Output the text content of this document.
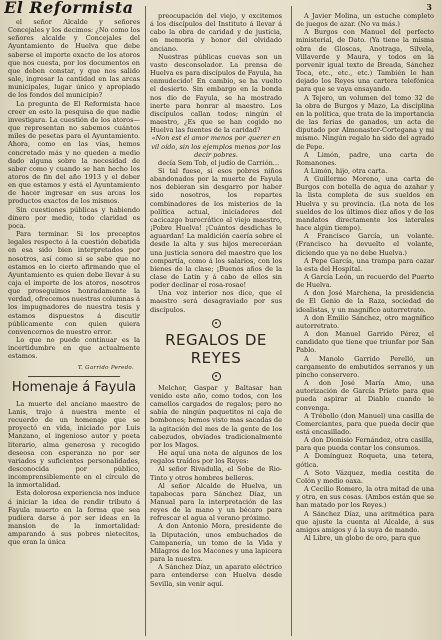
El Reformista	3

el señor Alcalde y señores Concejales y los decimos: ¿No como los señores alcalde y Concejales del Ayuntamiento de Huelva que debe saberse el importe exacto de los atoros que nos cuesta, por los documentos en que deben constar, y que nos salido sale, ingresar la cantidad en las arcas municipales, lugar único y apropiado de los fondos del municipio?

La pregunta de El Reformista hace creer en esto la pesquisa de que nadie investigara. La cuestión de los atoros—que representan no sabemos cuántos miles de pesetas para el Ayuntamiento. Ahora, como en las vías, hemos concretado más y no queden a medio dado alguna sobre la necesidad de saber como y cuando se han hecho los atoros de fin del año 1913 y el deber en que estamos y está el Ayuntamiento de hacer ingresar en sus arcas los productos exactos de los mismos.

Sin cuestiones públicas y habiendo dinero por medio, todo claridad es poca.

Para terminar. Si los preceptos legales respecto á la cuestión debatida en esa sido bien interpretados por nosotros, así como si se sabe que no estamos en lo cierto afirmando que el Ayuntamiento es quien debe llevar á su caja el importe de los atoros, nosotros que proseguimos honradamente la verdad, ofrecemos nuestras columnas á los impugnadores de nuestra tesis y estamos dispuestos á discutir públicamente con quien quiera convencernos de nuestro error.

Lo que no puede continuar es la incertidumbre en que actualmente estamos.

T. Garrido Peredo.
Homenaje á Fayula

La muerte del anciano maestro de Lanis, trajo á nuestra mente el recuerdo de un homenaje que se proyectó en vida, iniciado por Luis Manzano, el ingenioso autor y poeta literario, alma generosa y recogido deseosa con esperanza no por ser variados y suficientes personalidades, desconocida por público, incomprensiblemente en el círculo de la inmortalidad.

Esta dolorosa experiencia nos induce á iniciar la idea de rendir tributo á Fayula muerto en la forma que sea pudiera darse á por ser ideas en la mansion de la inmortalidad: amparando á sus pobres nietecitos, que eran la única

preocupación del viejo, y excitemos á los discípulos del Instituto á llevar á cabo la obra de caridad y de justicia, en memoria y honor del olvidado anciano.

Nuestras públicas cuevas son un vasto desconsolador. La prensa de Huelva es para discípulos de Fayula, ha enmudecido! En cambio, se ha vuelto el desierto. Sin embargo en la bonda nos dio de Fayula, se ha mostrado inerte para honrar al maestro. Los discípulos callan todos; ningún el maestro, ¿Es que se han cogido no Huelva las fuentes de la caridad?

«Non est el amor menos por querer en vil oído, sin los ejemplos menos por los decir pobres.

decía Sem Tob, el judío de Carrión...

Si tal fuese, si esos pobres niños abandonados por la muerte de Fayula nos debieran sin desgarro por haber sido nosotros, los repartes combinadores de los misterios de la política actual, iniciadores del cacicazgo burocrático al viejo maestro, ¡Pobre Huelva! ¡Cuántos desdichas le aguardan! La maldición caería sobre el desde la alta y sus hijos mereceráan una justicia sonora del maestro que los compartía, como á los salarios, con los bienes de la clase; ¡Buenos años de la clase de Latin y á cabo de ellos sin poder declinar el rosa-rosae!

Una voz interior nos dice, que el maestro será desagraviado por sus discípulos.

REGALOS DE REYES

Melchor, Gaspar y Baltasar han venido este año, como todos, con los camellos cargados de regalos; pero no sabía de ningún paquetitos ni caja de bombones; hemos visto mas sacadas de la agitación del mes de la gente de los cabezudos, obviados tradicionalmente por los Magos.

He aquí una nota de algunos de los regalos traídos por los Reyes:

Al señor Rivadulla, el Sobe de Rio-Tinto y otros hombres belleros.

Al señor Alcalde de Huelva, un tapabocas para Sánchez Díaz, un Manual para la interpretación de las reyes de la mano y un bécaro para refrescar el agua al verano próximo.

A don Antonio Mora, presidente de la Diputación, unos embuchados de Campanería, un tomo de la Vida y Milagros de los Macones y una lapicera para la nuestra.

A Sánchez Díaz, un aparato eléctrico para entenderse con Huelva desde Sevilla, sin venir aquí.

A Javier Molina, un estuche completo de juegos de azar. (No va más.)

A Burgos con Manuel del perfecto ministerial, de Dato. (Ya tiene la misma obra de Gloscas, Anotraga, Silvela, Villaverde y Maura, y todos en la porvenir igual texto de Breada, Sánchez Toca, etc., etc., etc.) También le han dejado los Reyes una cartera telefónica para que se vaya ensayando.

A Tejero, un volumen del tomo 32 de la obra de Burgos y Mazo, La disciplina en la política, que trata de la importancia de las ferias de ganados, un acta de diputado por Almonaster-Cortegana y mi mismo. Ningún regalo ha sido del agrado de Pepe.

A Limón, padre, una carta de Romanones.

A Limón, hijo, otra carta.

A Guillermo Moreno, una carta de Burgos con botella de agua de azahar y la lista completa de sus sueldos en Huelva y su provincia. (La nota de los sueldos de los últimos diez años y de los mandatos directamente los laterales hace algún tiempo).

A Francisco García, un volante. (Francisco ha devuelto el volante, diciendo que ya no debe Huelva.)

A Pepe García, una trampa para cazar la esta del Hospital.

A García León, un recuerdo del Puerto de Huelva.

A don José Marchena, la presidencia de El Genio de la Raza, sociedad de idealistas, y un magnífico autorretrato.

A don Emilio Sánchez, otro magnífico autorretrato.

A don Manuel Garrido Pérez, el candidato que tiene que triunfar por San Pablo.

A Manolo Garrido Perelló, un cargamento de embutidos serranos y un pincho conservero.

A don José María Amo, una autorización de García Prieto para que pueda aspirar al Diablo cuando le convenga.

A Trébollo (don Manuel) una casilla de Comerciantes, para que pueda decir que está encasillado.

A don Dionisio Fernández, otra casilla, para que pueda contar los consumos.

A Domínguez Roqueta, una tetera, gótica.

A Soto Vázquez, media cestita de Colón y medio oaxa.

A Cecilio Romero, la otra mitad de una y otra, en sus cosas. (Ambos están que se han matado por los Reyes.)

A Sánchez Díaz, una aritmética para que ajuste la cuenta al Alcalde, á sus amigos amigos y á la suya de mando.

Al Libre, un globo de oro, para que
